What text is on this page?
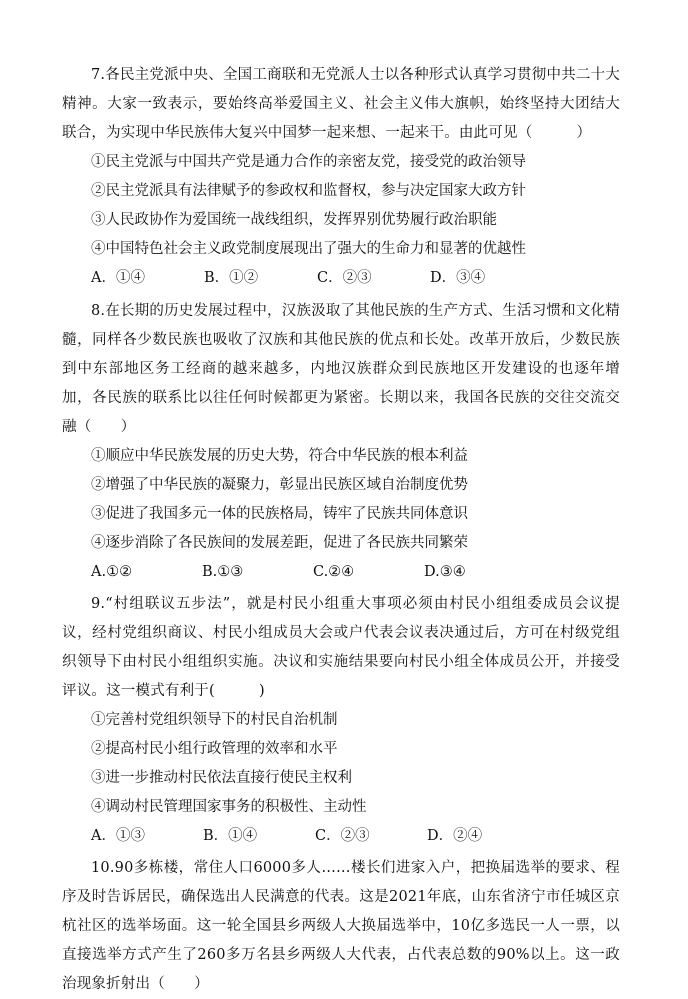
7.各民主党派中央、全国工商联和无党派人士以各种形式认真学习贯彻中共二十大精神。大家一致表示，要始终高举爱国主义、社会主义伟大旗帜，始终坚持大团结大联合，为实现中华民族伟大复兴中国梦一起来想、一起来干。由此可见（　　　）

①民主党派与中国共产党是通力合作的亲密友党，接受党的政治领导

②民主党派具有法律赋予的参政权和监督权，参与决定国家大政方针

③人民政协作为爱国统一战线组织，发挥界别优势履行政治职能

④中国特色社会主义政党制度展现出了强大的生命力和显著的优越性

A．①④	B．①②	C．②③	D．③④

8.在长期的历史发展过程中，汉族汲取了其他民族的生产方式、生活习惯和文化精髓，同样各少数民族也吸收了汉族和其他民族的优点和长处。改革开放后，少数民族到中东部地区务工经商的越来越多，内地汉族群众到民族地区开发建设的也逐年增加，各民族的联系比以往任何时候都更为紧密。长期以来，我国各民族的交往交流交融（　　）

①顺应中华民族发展的历史大势，符合中华民族的根本利益

②增强了中华民族的凝聚力，彰显出民族区域自治制度优势

③促进了我国多元一体的民族格局，铸牢了民族共同体意识

④逐步消除了各民族间的发展差距，促进了各民族共同繁荣

A.①②	B.①③	C.②④	D.③④

9.“村组联议五步法”，就是村民小组重大事项必须由村民小组组委成员会议提议，经村党组织商议、村民小组成员大会或户代表会议表决通过后，方可在村级党组织领导下由村民小组组织实施。决议和实施结果要向村民小组全体成员公开，并接受评议。这一模式有利于(　　　)

①完善村党组织领导下的村民自治机制

②提高村民小组行政管理的效率和水平

③进一步推动村民依法直接行使民主权利

④调动村民管理国家事务的积极性、主动性

A．①③	B．①④	C．②③	D．②④

10.90多栋楼，常住人口6000多人……楼长们进家入户，把换届选举的要求、程序及时告诉居民，确保选出人民满意的代表。这是2021年底，山东省济宁市任城区京杭社区的选举场面。这一轮全国县乡两级人大换届选举中，10亿多选民一人一票，以直接选举方式产生了260多万名县乡两级人大代表，占代表总数的90%以上。这一政治现象折射出（　　）
